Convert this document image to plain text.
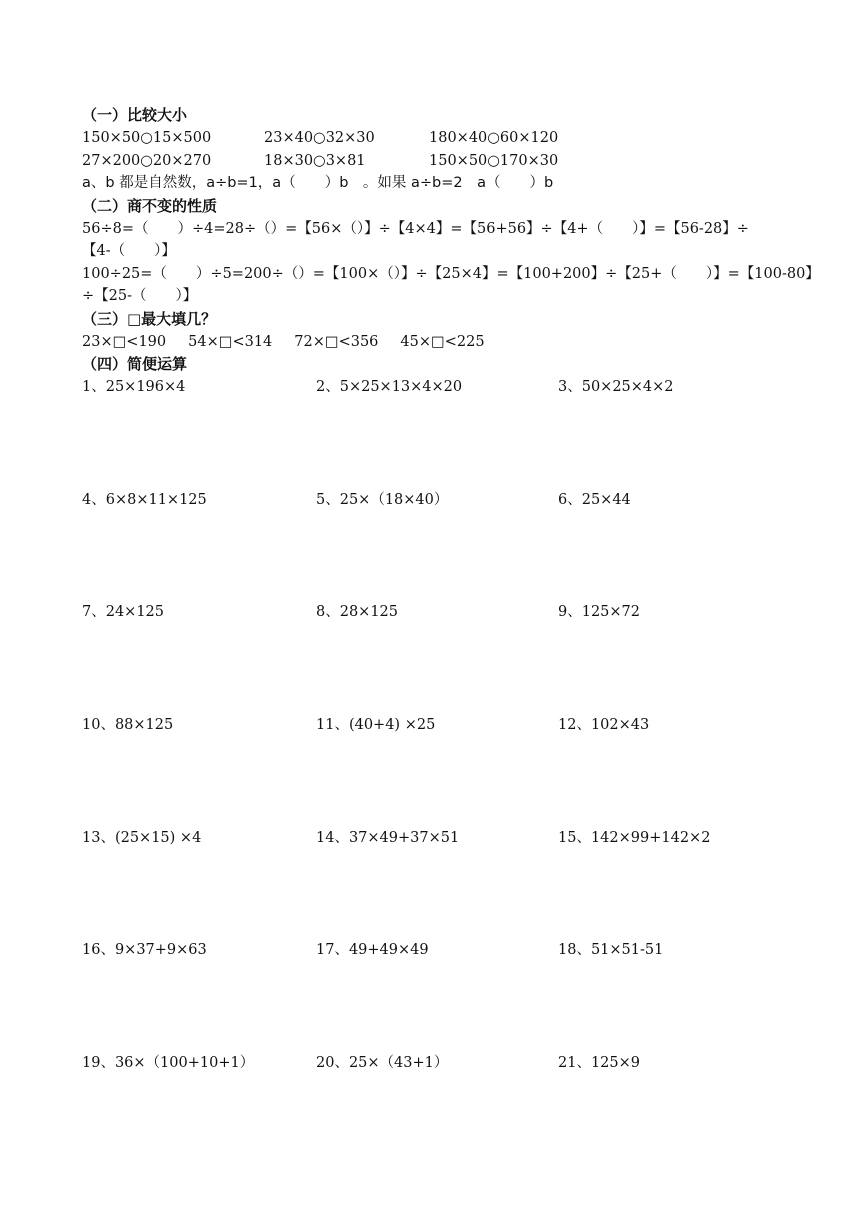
（一）比较大小
150×50○15×500	23×40○32×30	180×40○60×120
27×200○20×270	18×30○3×81	150×50○170×30
a、b 都是自然数，a÷b=1，a（　　）b　。如果 a÷b=2　a（　　）b
（二）商不变的性质
56÷8=（　　）÷4=28÷（）=【56×（）】÷【4×4】=【56+56】÷【4+（　　）】=【56-28】÷
【4-（　　）】
100÷25=（　　）÷5=200÷（）=【100×（）】÷【25×4】=【100+200】÷【25+（　　）】=【100-80】
÷【25-（　　）】
（三）□最大填几？
23×□<190 54×□<314 72×□<356 45×□<225
（四）简便运算
1、25×196×4	2、5×25×13×4×20	3、50×25×4×2
4、6×8×11×125	5、25×（18×40）	6、25×44
7、24×125	8、28×125	9、125×72
10、88×125	11、(40+4) ×25	12、102×43
13、(25×15) ×4	14、37×49+37×51	15、142×99+142×2
16、9×37+9×63	17、49+49×49	18、51×51-51
19、36×（100+10+1）	20、25×（43+1）	21、125×9
